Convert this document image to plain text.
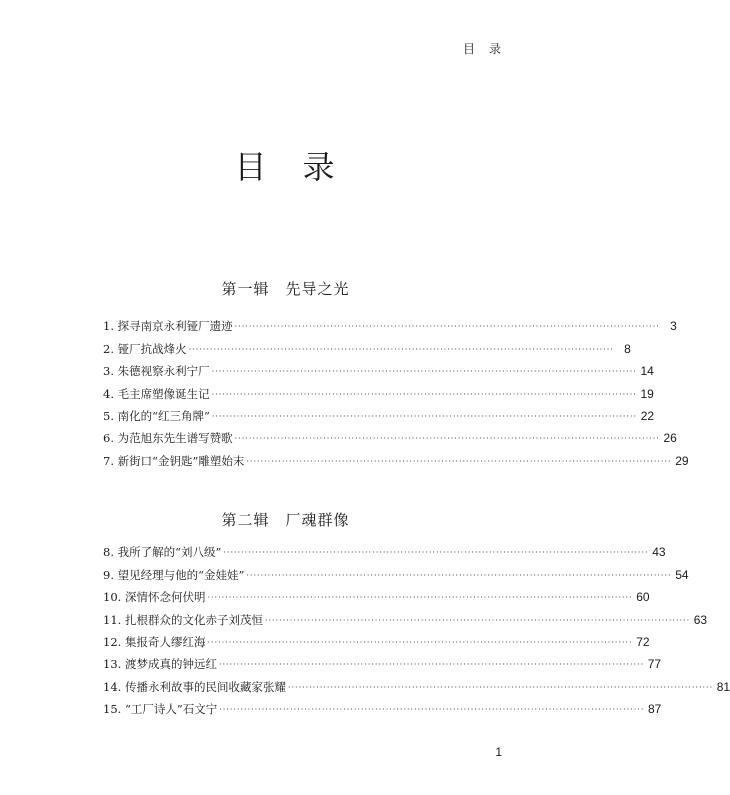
目　录
目　录
第一辑　先导之光
1. 探寻南京永利铔厂遗迹 ························································································································ 3
2. 铔厂抗战烽火 ························································································································ 8
3. 朱德视察永利宁厂 ························································································································ 14
4. 毛主席塑像诞生记 ························································································································ 19
5. 南化的“红三角牌” ························································································································ 22
6. 为范旭东先生谱写赞歌 ························································································································ 26
7. 新街口“金钥匙”雕塑始末 ························································································································ 29
第二辑　厂魂群像
8. 我所了解的“刘八级” ························································································································ 43
9. 望见经理与他的“金娃娃” ························································································································ 54
10. 深情怀念何伏明 ························································································································ 60
11. 扎根群众的文化赤子刘茂恒 ························································································································ 63
12. 集报奇人缪红海 ························································································································ 72
13. 渡梦成真的钟远红 ························································································································ 77
14. 传播永利故事的民间收藏家张耀 ························································································································ 81
15. “工厂诗人”石文宁 ························································································································ 87
1
